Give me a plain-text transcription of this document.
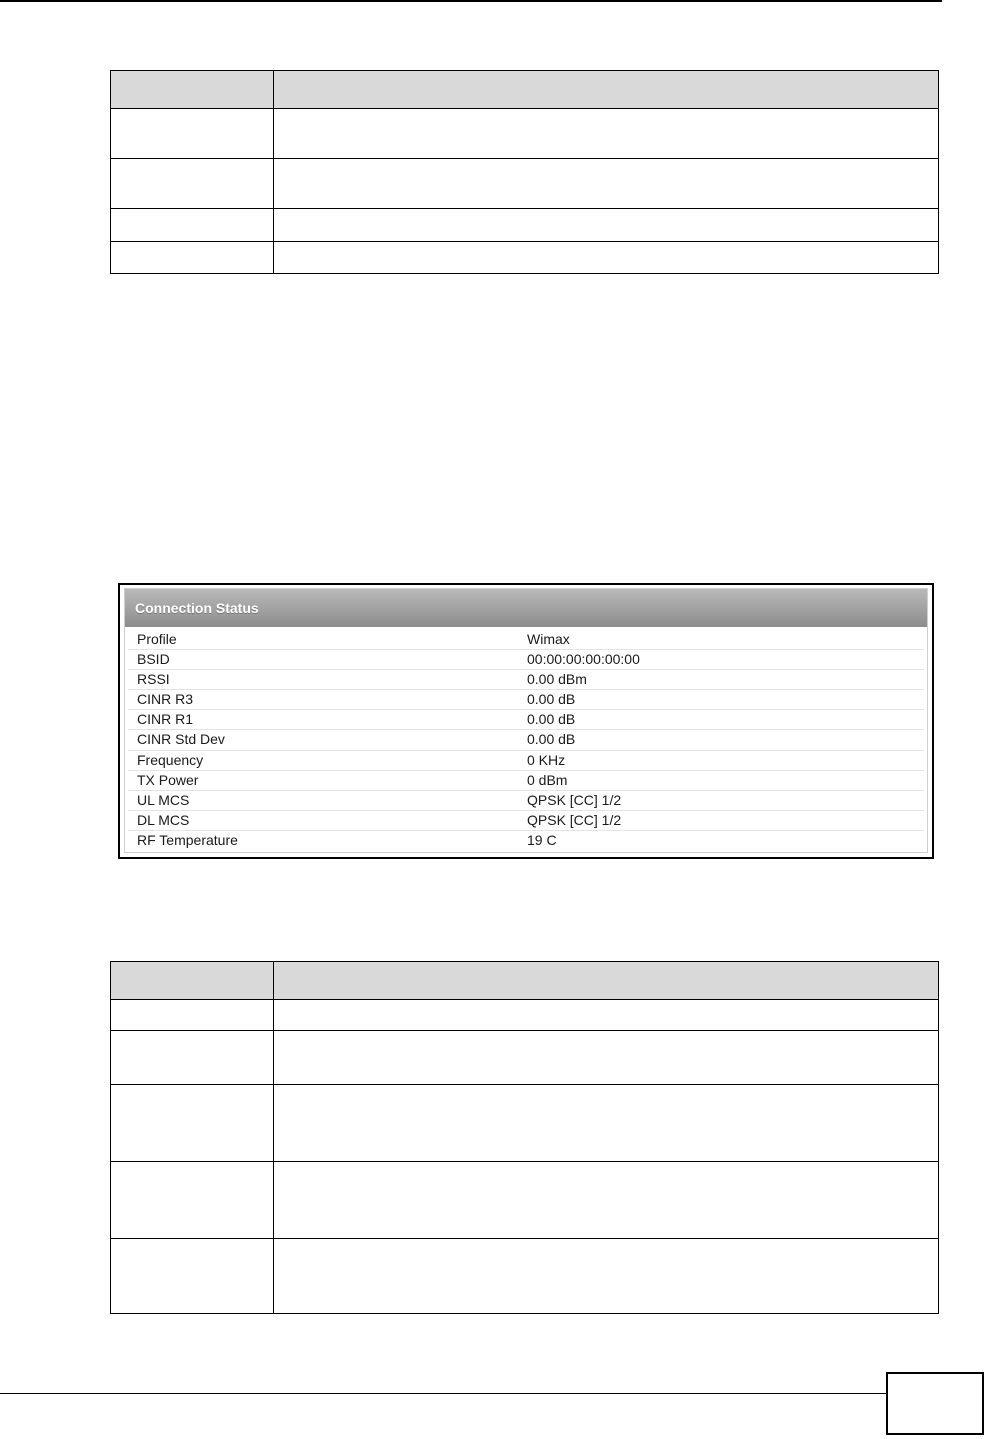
Connection Status
Profile	Wimax
BSID	00:00:00:00:00:00
RSSI	0.00 dBm
CINR R3	0.00 dB
CINR R1	0.00 dB
CINR Std Dev	0.00 dB
Frequency	0 KHz
TX Power	0 dBm
UL MCS	QPSK [CC] 1/2
DL MCS	QPSK [CC] 1/2
RF Temperature	19 C
